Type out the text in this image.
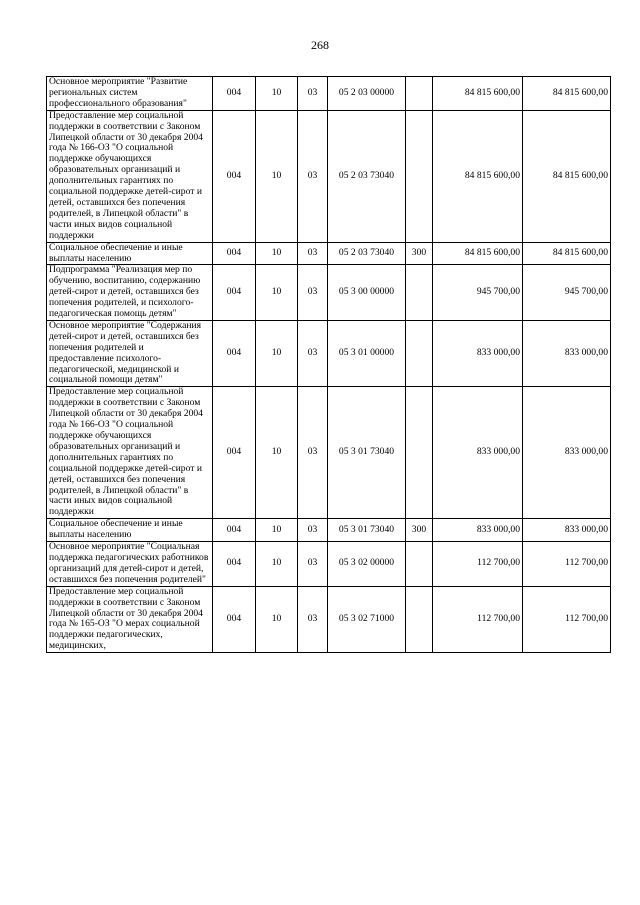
268
Основное мероприятие "Развитие региональных систем профессионального образования"	004	10	03	05 2 03 00000		84 815 600,00	84 815 600,00
Предоставление мер социальной поддержки в соответствии с Законом Липецкой области от 30 декабря 2004 года № 166-ОЗ "О социальной поддержке обучающихся образовательных организаций и дополнительных гарантиях по социальной поддержке детей-сирот и детей, оставшихся без попечения родителей, в Липецкой области" в части иных видов социальной поддержки	004	10	03	05 2 03 73040		84 815 600,00	84 815 600,00
Социальное обеспечение и иные выплаты населению	004	10	03	05 2 03 73040	300	84 815 600,00	84 815 600,00
Подпрограмма "Реализация мер по обучению, воспитанию, содержанию детей-сирот и детей, оставшихся без попечения родителей, и психолого-педагогическая помощь детям"	004	10	03	05 3 00 00000		945 700,00	945 700,00
Основное мероприятие "Содержания детей-сирот и детей, оставшихся без попечения родителей и предоставление психолого-педагогической, медицинской и социальной помощи детям"	004	10	03	05 3 01 00000		833 000,00	833 000,00
Предоставление мер социальной поддержки в соответствии с Законом Липецкой области от 30 декабря 2004 года № 166-ОЗ "О социальной поддержке обучающихся образовательных организаций и дополнительных гарантиях по социальной поддержке детей-сирот и детей, оставшихся без попечения родителей, в Липецкой области" в части иных видов социальной поддержки	004	10	03	05 3 01 73040		833 000,00	833 000,00
Социальное обеспечение и иные выплаты населению	004	10	03	05 3 01 73040	300	833 000,00	833 000,00
Основное мероприятие "Социальная поддержка педагогических работников организаций для детей-сирот и детей, оставшихся без попечения родителей"	004	10	03	05 3 02 00000		112 700,00	112 700,00
Предоставление мер социальной поддержки в соответствии с Законом Липецкой области от 30 декабря 2004 года № 165-ОЗ "О мерах социальной поддержки педагогических, медицинских,	004	10	03	05 3 02 71000		112 700,00	112 700,00
